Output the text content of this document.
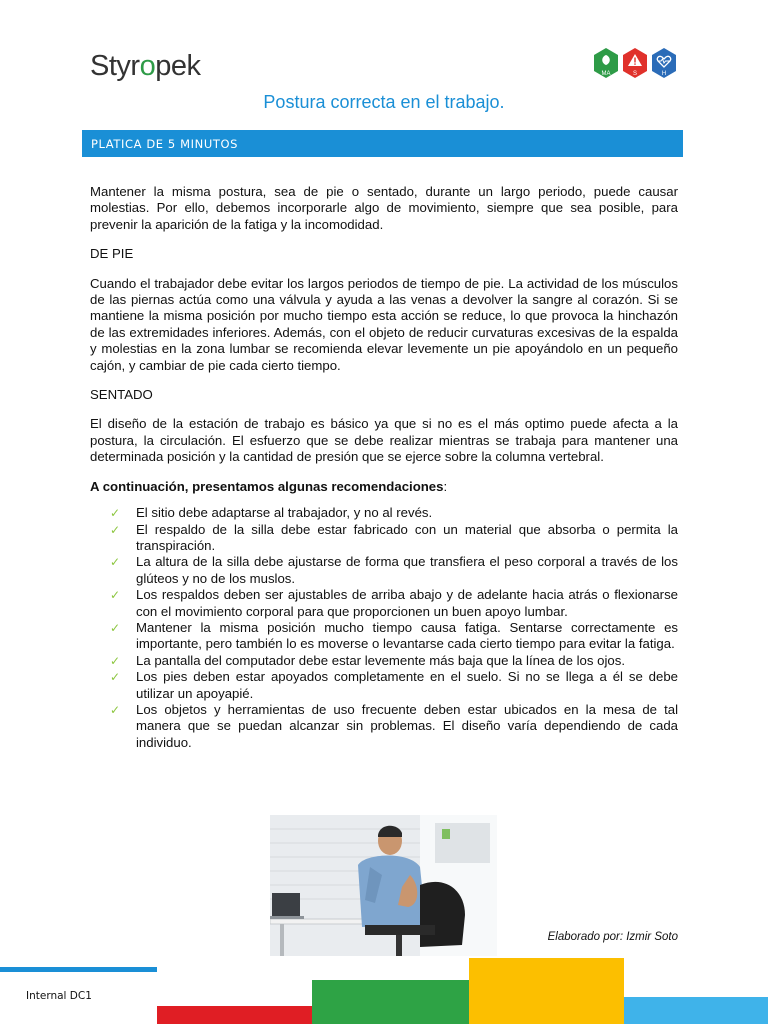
Styropek	MA	S	H
Postura correcta en el trabajo.
PLATICA DE 5 MINUTOS

Mantener la misma postura, sea de pie o sentado, durante un largo periodo, puede causar molestias. Por ello, debemos incorporarle algo de movimiento, siempre que sea posible, para prevenir la aparición de la fatiga y la incomodidad.

DE PIE

Cuando el trabajador debe evitar los largos periodos de tiempo de pie. La actividad de los músculos de las piernas actúa como una válvula y ayuda a las venas a devolver la sangre al corazón. Si se mantiene la misma posición por mucho tiempo esta acción se reduce, lo que provoca la hinchazón de las extremidades inferiores. Además, con el objeto de reducir curvaturas excesivas de la espalda y molestias en la zona lumbar se recomienda elevar levemente un pie apoyándolo en un pequeño cajón, y cambiar de pie cada cierto tiempo.

SENTADO

El diseño de la estación de trabajo es básico ya que si no es el más optimo puede afecta a la postura, la circulación. El esfuerzo que se debe realizar mientras se trabaja para mantener una determinada posición y la cantidad de presión que se ejerce sobre la columna vertebral.

A continuación, presentamos algunas recomendaciones:

✓ El sitio debe adaptarse al trabajador, y no al revés.
✓ El respaldo de la silla debe estar fabricado con un material que absorba o permita la transpiración.
✓ La altura de la silla debe ajustarse de forma que transfiera el peso corporal a través de los glúteos y no de los muslos.
✓ Los respaldos deben ser ajustables de arriba abajo y de adelante hacia atrás o flexionarse con el movimiento corporal para que proporcionen un buen apoyo lumbar.
✓ Mantener la misma posición mucho tiempo causa fatiga. Sentarse correctamente es importante, pero también lo es moverse o levantarse cada cierto tiempo para evitar la fatiga.
✓ La pantalla del computador debe estar levemente más baja que la línea de los ojos.
✓ Los pies deben estar apoyados completamente en el suelo. Si no se llega a él se debe utilizar un apoyapié.
✓ Los objetos y herramientas de uso frecuente deben estar ubicados en la mesa de tal manera que se puedan alcanzar sin problemas. El diseño varía dependiendo de cada individuo.
Elaborado por: Izmir Soto
Internal DC1
